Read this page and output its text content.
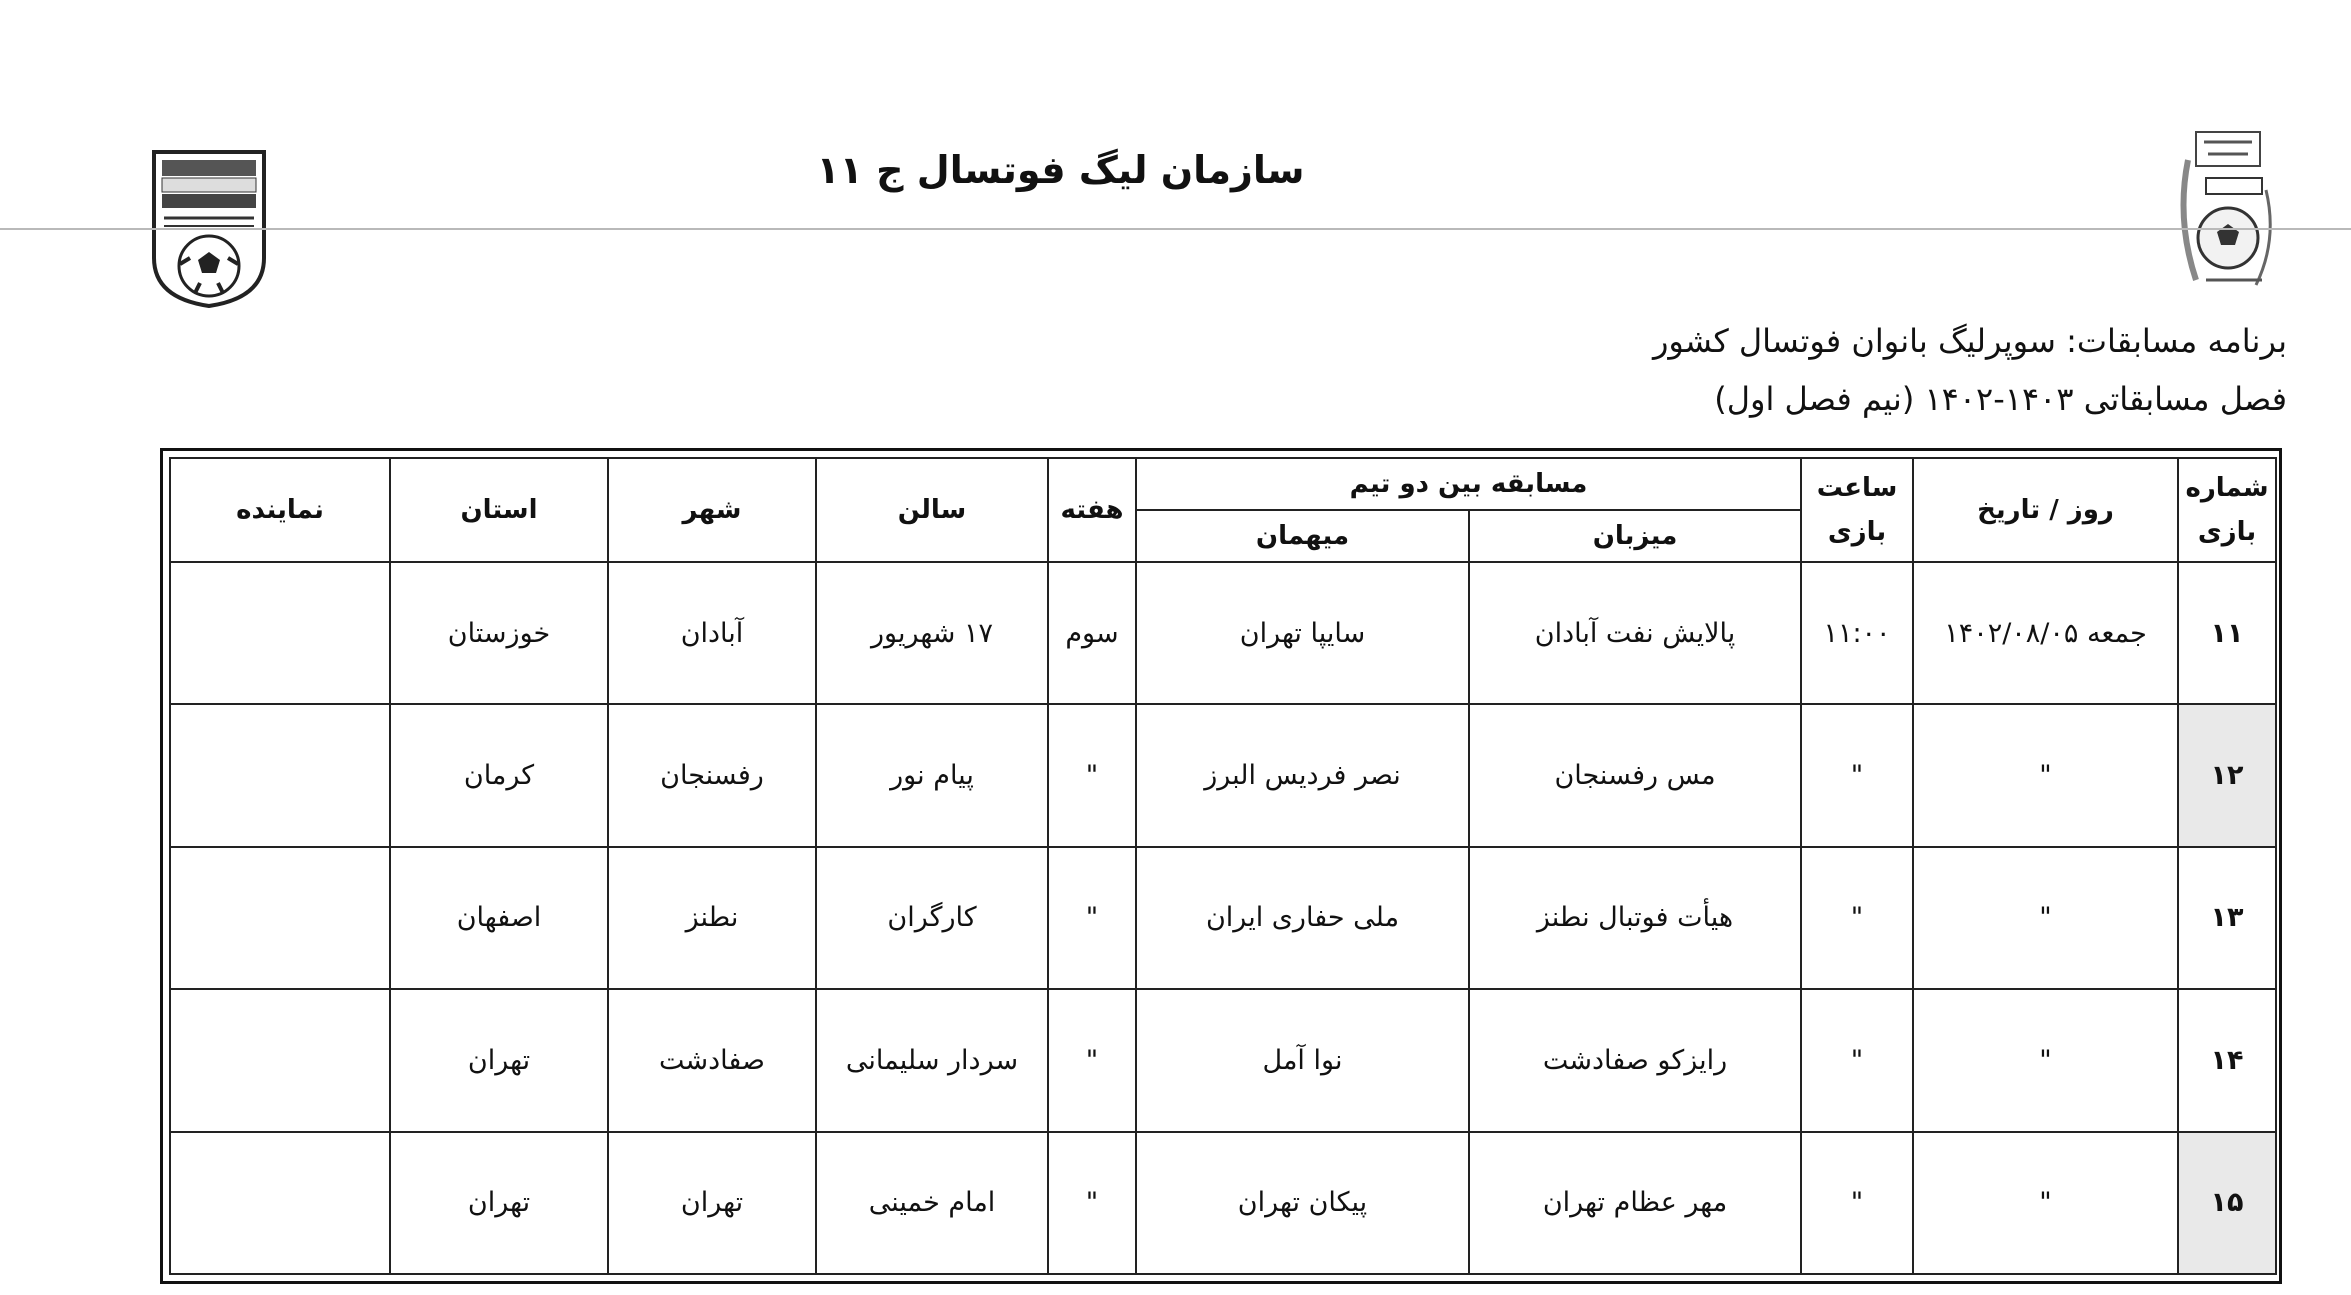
سازمان لیگ فوتسال ج ۱۱
برنامه مسابقات: سوپرلیگ بانوان فوتسال کشور
فصل مسابقاتی ۱۴۰۳-۱۴۰۲ (نیم فصل اول)
شماره بازی	روز / تاریخ	ساعت بازی	مسابقه بین دو تیم		هفته	سالن	شهر	استان	نماینده
			میزبان	میهمان					
۱۱	جمعه ۱۴۰۲/۰۸/۰۵	۱۱:۰۰	پالایش نفت آبادان	سایپا تهران	سوم	۱۷ شهریور	آبادان	خوزستان	
۱۲	"	"	مس رفسنجان	نصر فردیس البرز	"	پیام نور	رفسنجان	کرمان	
۱۳	"	"	هیأت فوتبال نطنز	ملی حفاری ایران	"	کارگران	نطنز	اصفهان	
۱۴	"	"	رایزکو صفادشت	نوا آمل	"	سردار سلیمانی	صفادشت	تهران	
۱۵	"	"	مهر عظام تهران	پیکان تهران	"	امام خمینی	تهران	تهران	
